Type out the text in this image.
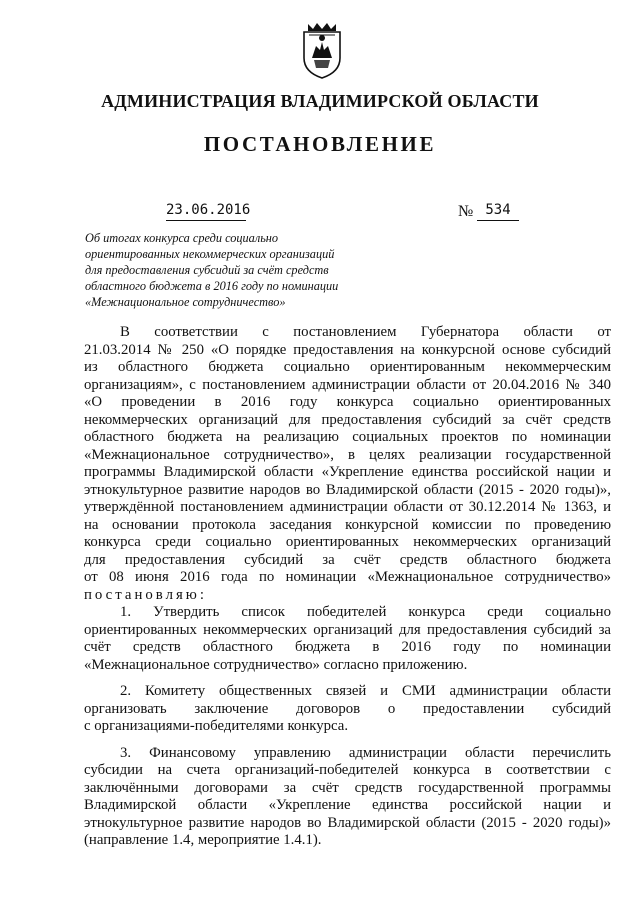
АДМИНИСТРАЦИЯ ВЛАДИМИРСКОЙ ОБЛАСТИ
ПОСТАНОВЛЕНИЕ
23.06.2016	№ 534
Об итогах конкурса среди социально
ориентированных некоммерческих организаций
для предоставления субсидий за счёт средств
областного бюджета в 2016 году по номинации
«Межнациональное сотрудничество»
В соответствии с постановлением Губернатора области от
21.03.2014 № 250 «О порядке предоставления на конкурсной основе субсидий
из областного бюджета социально ориентированным некоммерческим
организациям», с постановлением администрации области от 20.04.2016 № 340
«О проведении в 2016 году конкурса социально ориентированных
некоммерческих организаций для предоставления субсидий за счёт средств
областного бюджета на реализацию социальных проектов по номинации
«Межнациональное сотрудничество», в целях реализации государственной
программы Владимирской области «Укрепление единства российской нации и
этнокультурное развитие народов во Владимирской области (2015 - 2020 годы)»,
утверждённой постановлением администрации области от 30.12.2014 № 1363, и
на основании протокола заседания конкурсной комиссии по проведению
конкурса среди социально ориентированных некоммерческих организаций
для предоставления субсидий за счёт средств областного бюджета
от 08 июня 2016 года по номинации «Межнациональное сотрудничество»
постановляю:
1. Утвердить список победителей конкурса среди социально
ориентированных некоммерческих организаций для предоставления субсидий за
счёт средств областного бюджета в 2016 году по номинации
«Межнациональное сотрудничество» согласно приложению.
2. Комитету общественных связей и СМИ администрации области
организовать заключение договоров о предоставлении субсидий
с организациями-победителями конкурса.
3. Финансовому управлению администрации области перечислить
субсидии на счета организаций-победителей конкурса в соответствии с
заключёнными договорами за счёт средств государственной программы
Владимирской области «Укрепление единства российской нации и
этнокультурное развитие народов во Владимирской области (2015 - 2020 годы)»
(направление 1.4, мероприятие 1.4.1).
